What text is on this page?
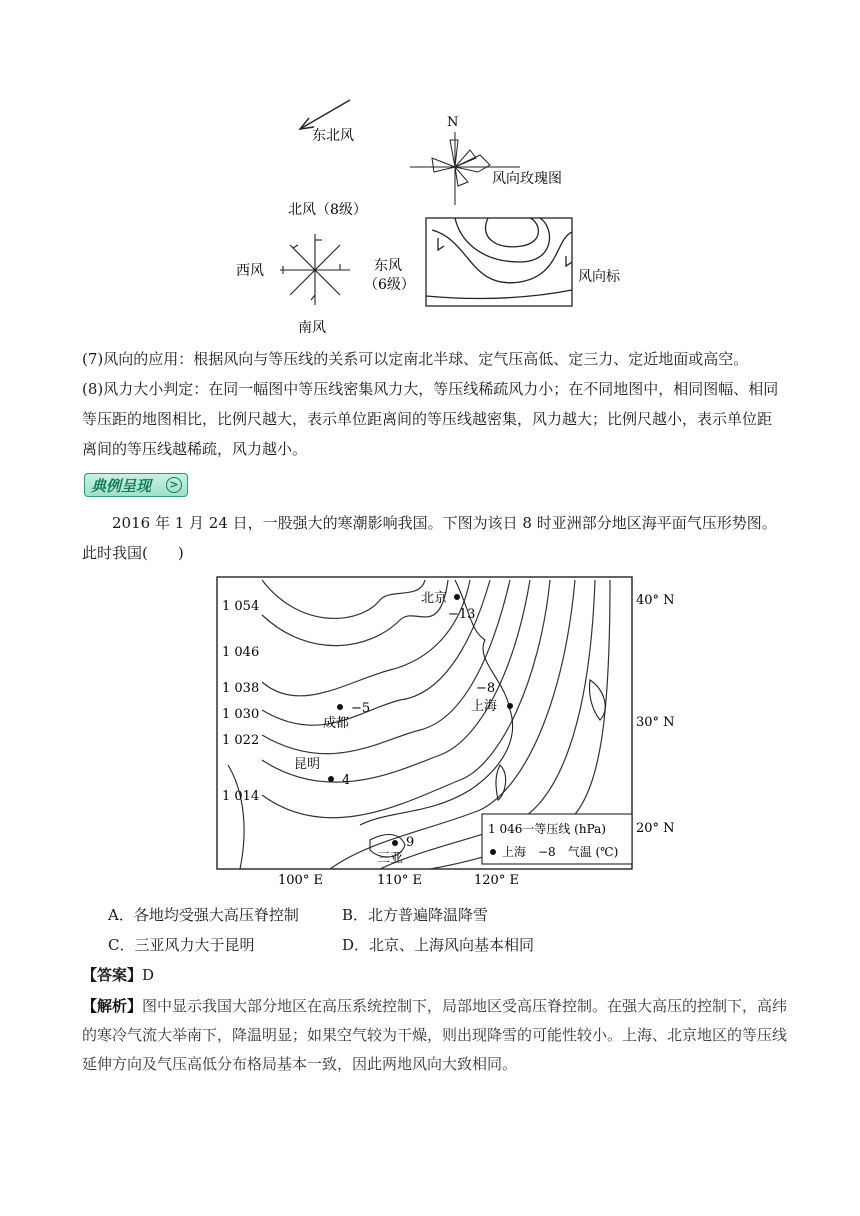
东北风
N
风向玫瑰图
北风（8级）
西风	东风
（6级）
南风
风向标
(7)风向的应用：根据风向与等压线的关系可以定南北半球、定气压高低、定三力、定近地面或高空。
(8)风力大小判定：在同一幅图中等压线密集风力大，等压线稀疏风力小；在不同地图中，相同图幅、相同等压距的地图相比，比例尺越大，表示单位距离间的等压线越密集，风力越大；比例尺越小，表示单位距离间的等压线越稀疏，风力越小。
典例呈现	>
2016 年 1 月 24 日，一股强大的寒潮影响我国。下图为该日 8 时亚洲部分地区海平面气压形势图。此时我国(　　)
1 054
1 046
1 038
1 030
1 022
1 014
40° N
30° N
20° N
100° E	110° E	120° E
北京
−13
−8
上海
−5
成都
昆明
4
9
三亚
1 046一等压线 (hPa)
上海　−8　气温 (℃)
A．各地均受强大高压脊控制	B．北方普遍降温降雪
C．三亚风力大于昆明	D．北京、上海风向基本相同
【答案】D
【解析】图中显示我国大部分地区在高压系统控制下，局部地区受高压脊控制。在强大高压的控制下，高纬的寒冷气流大举南下，降温明显；如果空气较为干燥，则出现降雪的可能性较小。上海、北京地区的等压线延伸方向及气压高低分布格局基本一致，因此两地风向大致相同。
